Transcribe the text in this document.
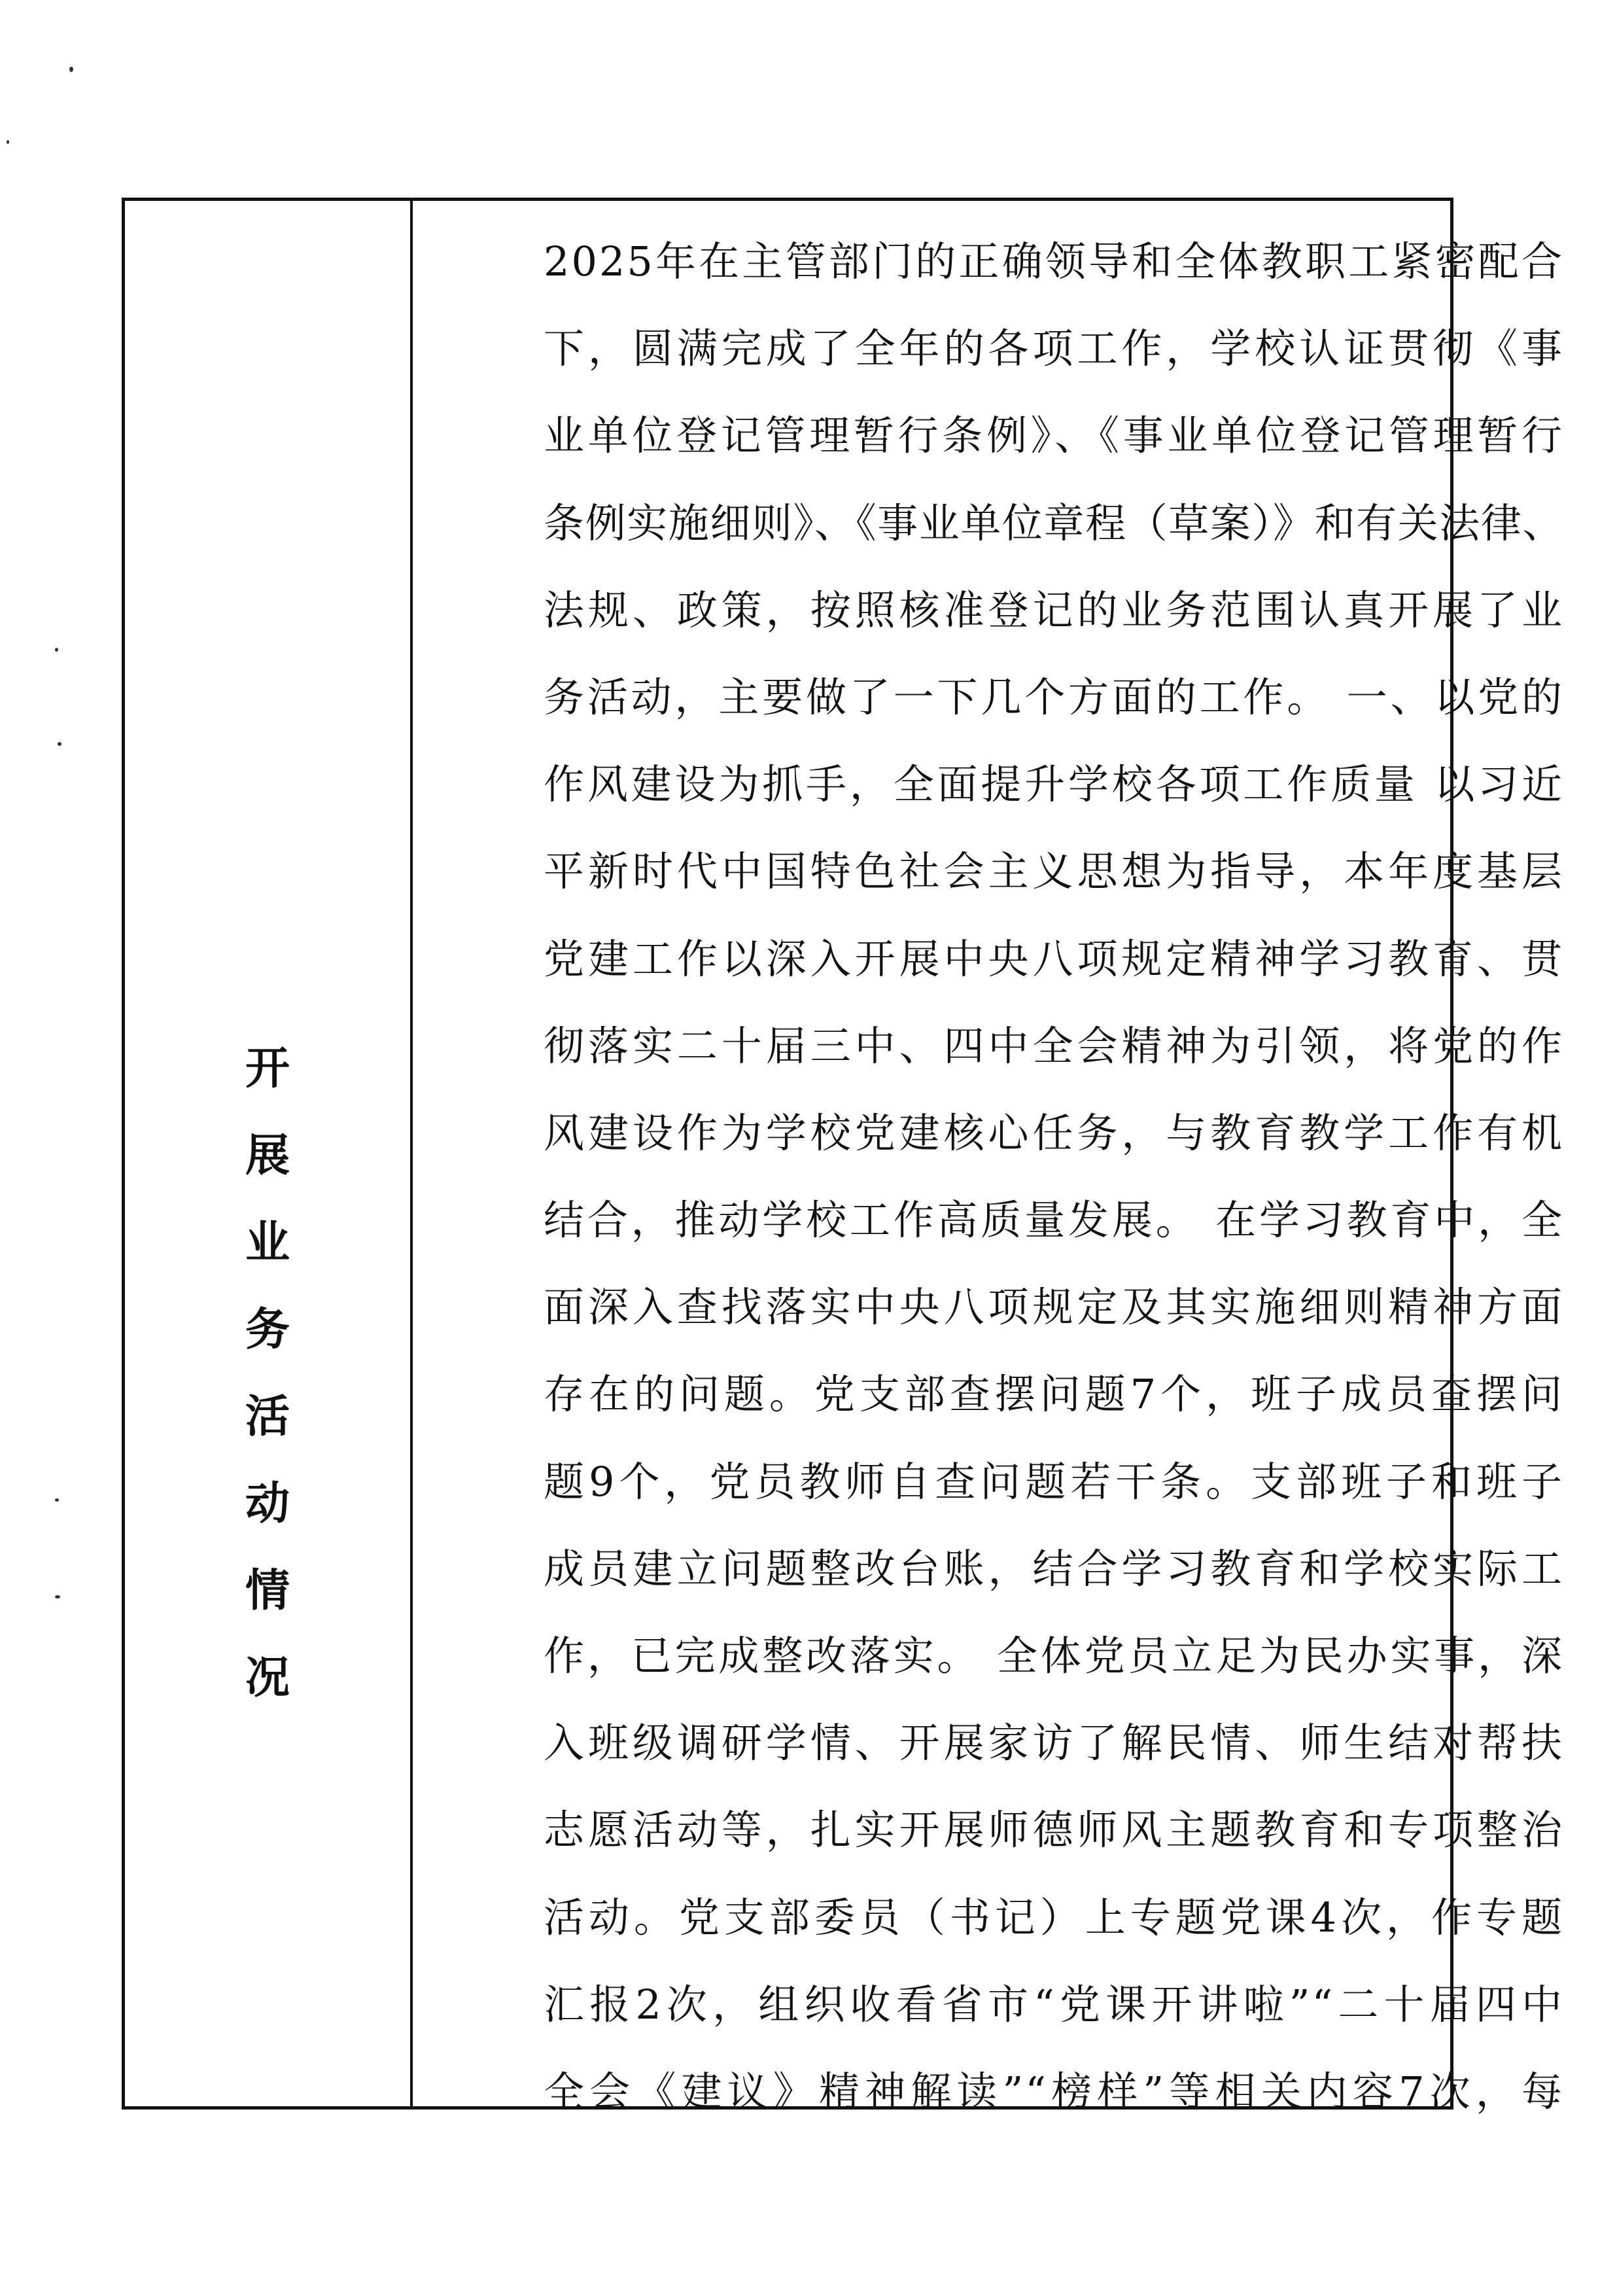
开
展
业
务
活
动
情
况
2025年在主管部门的正确领导和全体教职工紧密配合
下，圆满完成了全年的各项工作，学校认证贯彻《事
业单位登记管理暂行条例》、《事业单位登记管理暂行
条例实施细则》、《事业单位章程（草案）》和有关法律、
法规、政策，按照核准登记的业务范围认真开展了业
务活动，主要做了一下几个方面的工作。 一、以党的
作风建设为抓手，全面提升学校各项工作质量 以习近
平新时代中国特色社会主义思想为指导，本年度基层
党建工作以深入开展中央八项规定精神学习教育、贯
彻落实二十届三中、四中全会精神为引领，将党的作
风建设作为学校党建核心任务，与教育教学工作有机
结合，推动学校工作高质量发展。 在学习教育中，全
面深入查找落实中央八项规定及其实施细则精神方面
存在的问题。党支部查摆问题7个，班子成员查摆问
题9个，党员教师自查问题若干条。支部班子和班子
成员建立问题整改台账，结合学习教育和学校实际工
作，已完成整改落实。 全体党员立足为民办实事，深
入班级调研学情、开展家访了解民情、师生结对帮扶
志愿活动等，扎实开展师德师风主题教育和专项整治
活动。党支部委员（书记）上专题党课4次，作专题
汇报2次，组织收看省市“党课开讲啦”“二十届四中
全会《建议》精神解读”“榜样”等相关内容7次，每
